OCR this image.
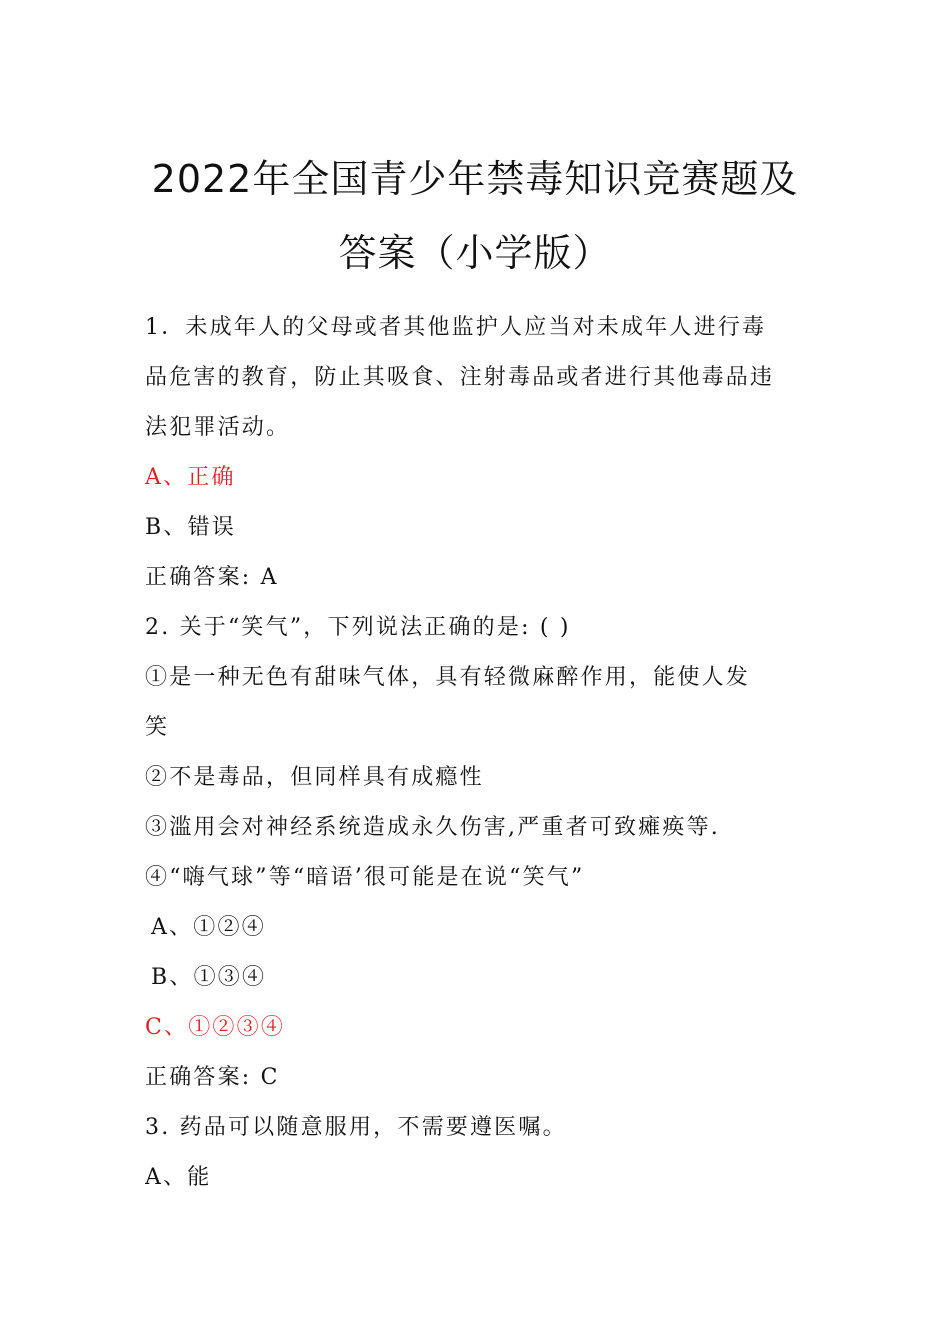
2022年全国青少年禁毒知识竞赛题及
答案（小学版）
1．未成年人的父母或者其他监护人应当对未成年人进行毒
品危害的教育，防止其吸食、注射毒品或者进行其他毒品违
法犯罪活动。
A、正确
B、错误
正确答案: A
2. 关于“笑气”，下列说法正确的是: ( )
①是一种无色有甜味气体，具有轻微麻醉作用，能使人发
笑
②不是毒品，但同样具有成瘾性
③滥用会对神经系统造成永久伤害,严重者可致瘫痪等.
④“嗨气球”等“暗语’很可能是在说“笑气”
A、①②④
B、①③④
C、①②③④
正确答案: C
3. 药品可以随意服用，不需要遵医嘱。
A、能
